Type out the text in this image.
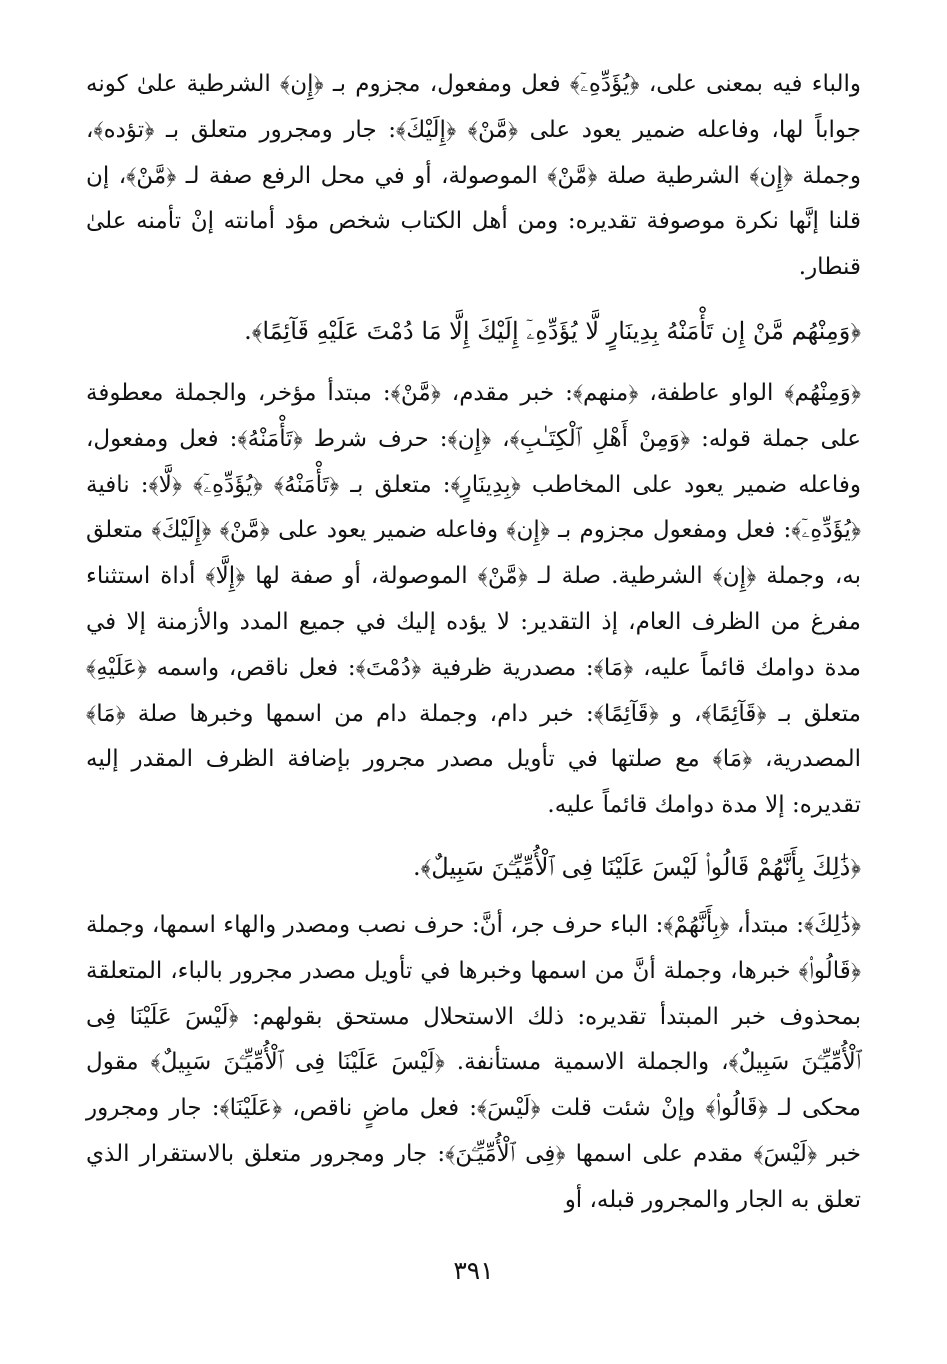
والباء فيه بمعنى على، ﴿يُؤَدِّهِۦٓ﴾ فعل ومفعول، مجزوم بـ ﴿إِن﴾ الشرطية علىٰ كونه جواباً لها، وفاعله ضمير يعود على ﴿مَّنْ﴾ ﴿إِلَيْكَ﴾: جار ومجرور متعلق بـ ﴿تؤده﴾، وجملة ﴿إِن﴾ الشرطية صلة ﴿مَّنْ﴾ الموصولة، أو في محل الرفع صفة لـ ﴿مَّنْ﴾، إن قلنا إنَّها نكرة موصوفة تقديره: ومن أهل الكتاب شخص مؤد أمانته إنْ تأمنه علىٰ قنطار.

﴿وَمِنْهُم مَّنْ إِن تَأْمَنْهُ بِدِينَارٍ لَّا يُؤَدِّهِۦٓ إِلَيْكَ إِلَّا مَا دُمْتَ عَلَيْهِ قَآئِمًا﴾.

﴿وَمِنْهُم﴾ الواو عاطفة، ﴿منهم﴾: خبر مقدم، ﴿مَّنْ﴾: مبتدأ مؤخر، والجملة معطوفة على جملة قوله: ﴿وَمِنْ أَهْلِ ٱلْكِتَـٰبِ﴾، ﴿إِن﴾: حرف شرط ﴿تَأْمَنْهُ﴾: فعل ومفعول، وفاعله ضمير يعود على المخاطب ﴿بِدِينَارٍ﴾: متعلق بـ ﴿تَأْمَنْهُ﴾ ﴿يُؤَدِّهِۦٓ﴾ ﴿لَّا﴾: نافية ﴿يُؤَدِّهِۦٓ﴾: فعل ومفعول مجزوم بـ ﴿إِن﴾ وفاعله ضمير يعود على ﴿مَّنْ﴾ ﴿إِلَيْكَ﴾ متعلق به، وجملة ﴿إِن﴾ الشرطية. صلة لـ ﴿مَّنْ﴾ الموصولة، أو صفة لها ﴿إِلَّا﴾ أداة استثناء مفرغ من الظرف العام، إذ التقدير: لا يؤده إليك في جميع المدد والأزمنة إلا في مدة دوامك قائماً عليه، ﴿مَا﴾: مصدرية ظرفية ﴿دُمْتَ﴾: فعل ناقص، واسمه ﴿عَلَيْهِ﴾ متعلق بـ ﴿قَآئِمًا﴾، و ﴿قَآئِمًا﴾: خبر دام، وجملة دام من اسمها وخبرها صلة ﴿مَا﴾ المصدرية، ﴿مَا﴾ مع صلتها في تأويل مصدر مجرور بإضافة الظرف المقدر إليه تقديره: إلا مدة دوامك قائماً عليه.

﴿ذَٰلِكَ بِأَنَّهُمْ قَالُوا۟ لَيْسَ عَلَيْنَا فِى ٱلْأُمِّيِّـۧنَ سَبِيلٌ﴾.

﴿ذَٰلِكَ﴾: مبتدأ، ﴿بِأَنَّهُمْ﴾: الباء حرف جر، أنَّ: حرف نصب ومصدر والهاء اسمها، وجملة ﴿قَالُوا۟﴾ خبرها، وجملة أنَّ من اسمها وخبرها في تأويل مصدر مجرور بالباء، المتعلقة بمحذوف خبر المبتدأ تقديره: ذلك الاستحلال مستحق بقولهم: ﴿لَيْسَ عَلَيْنَا فِى ٱلْأُمِّيِّـۧنَ سَبِيلٌ﴾، والجملة الاسمية مستأنفة. ﴿لَيْسَ عَلَيْنَا فِى ٱلْأُمِّيِّـۧنَ سَبِيلٌ﴾ مقول محكى لـ ﴿قَالُوا۟﴾ وإنْ شئت قلت ﴿لَيْسَ﴾: فعل ماضٍ ناقص، ﴿عَلَيْنَا﴾: جار ومجرور خبر ﴿لَيْسَ﴾ مقدم على اسمها ﴿فِى ٱلْأُمِّيِّـۧنَ﴾: جار ومجرور متعلق بالاستقرار الذي تعلق به الجار والمجرور قبله، أو

٣٩١
